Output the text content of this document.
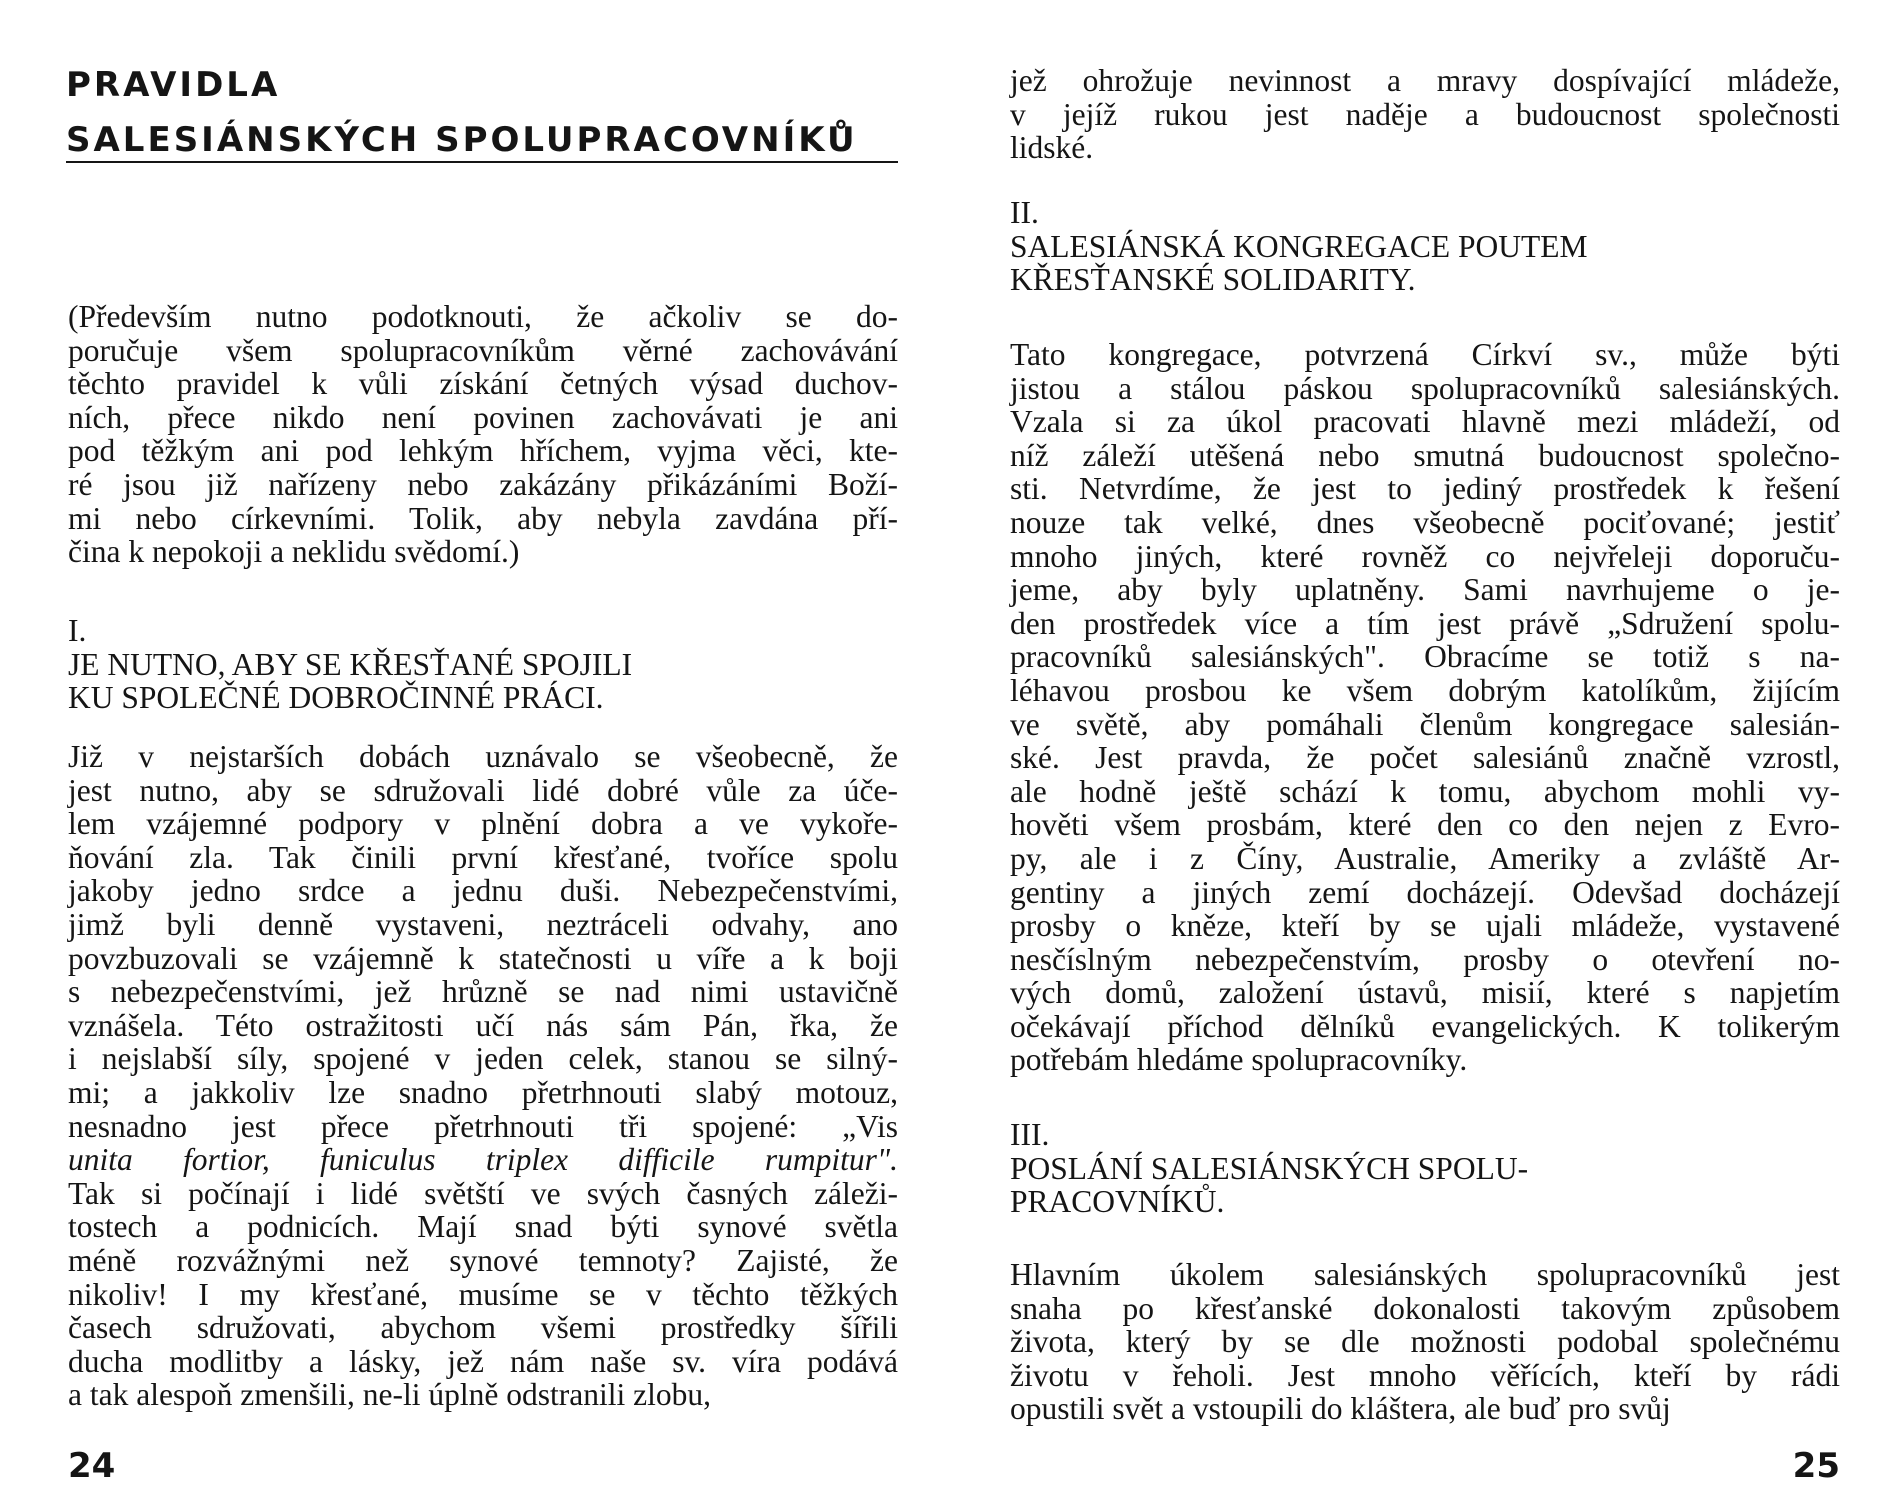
PRAVIDLA
SALESIÁNSKÝCH SPOLUPRACOVNÍKŮ

(Především nutno podotknouti, že ačkoliv se do-
poručuje všem spolupracovníkům věrné zachovávání
těchto pravidel k vůli získání četných výsad duchov-
ních, přece nikdo není povinen zachovávati je ani
pod těžkým ani pod lehkým hříchem, vyjma věci, kte-
ré jsou již nařízeny nebo zakázány přikázáními Boží-
mi nebo církevními. Tolik, aby nebyla zavdána pří-
čina k nepokoji a neklidu svědomí.)

I.
JE NUTNO, ABY SE KŘESŤANÉ SPOJILI
KU SPOLEČNÉ DOBROČINNÉ PRÁCI.

Již v nejstarších dobách uznávalo se všeobecně, že
jest nutno, aby se sdružovali lidé dobré vůle za úče-
lem vzájemné podpory v plnění dobra a ve vykoře-
ňování zla. Tak činili první křesťané, tvoříce spolu
jakoby jedno srdce a jednu duši. Nebezpečenstvími,
jimž byli denně vystaveni, neztráceli odvahy, ano
povzbuzovali se vzájemně k statečnosti u víře a k boji
s nebezpečenstvími, jež hrůzně se nad nimi ustavičně
vznášela. Této ostražitosti učí nás sám Pán, řka, že
i nejslabší síly, spojené v jeden celek, stanou se silný-
mi; a jakkoliv lze snadno přetrhnouti slabý motouz,
nesnadno jest přece přetrhnouti tři spojené: „Vis
unita fortior, funiculus triplex difficile rumpitur".
Tak si počínají i lidé světští ve svých časných záleži-
tostech a podnicích. Mají snad býti synové světla
méně rozvážnými než synové temnoty? Zajisté, že
nikoliv! I my křesťané, musíme se v těchto těžkých
časech sdružovati, abychom všemi prostředky šířili
ducha modlitby a lásky, jež nám naše sv. víra podává
a tak alespoň zmenšili, ne-li úplně odstranili zlobu,

24

jež ohrožuje nevinnost a mravy dospívající mládeže,
v jejíž rukou jest naděje a budoucnost společnosti
lidské.

II.
SALESIÁNSKÁ KONGREGACE POUTEM
KŘESŤANSKÉ SOLIDARITY.

Tato kongregace, potvrzená Církví sv., může býti
jistou a stálou páskou spolupracovníků salesiánských.
Vzala si za úkol pracovati hlavně mezi mládeží, od
níž záleží utěšená nebo smutná budoucnost společno-
sti. Netvrdíme, že jest to jediný prostředek k řešení
nouze tak velké, dnes všeobecně pociťované; jestiť
mnoho jiných, které rovněž co nejvřeleji doporuču-
jeme, aby byly uplatněny. Sami navrhujeme o je-
den prostředek více a tím jest právě „Sdružení spolu-
pracovníků salesiánských". Obracíme se totiž s na-
léhavou prosbou ke všem dobrým katolíkům, žijícím
ve světě, aby pomáhali členům kongregace salesián-
ské. Jest pravda, že počet salesiánů značně vzrostl,
ale hodně ještě schází k tomu, abychom mohli vy-
hověti všem prosbám, které den co den nejen z Evro-
py, ale i z Číny, Australie, Ameriky a zvláště Ar-
gentiny a jiných zemí docházejí. Odevšad docházejí
prosby o kněze, kteří by se ujali mládeže, vystavené
nesčíslným nebezpečenstvím, prosby o otevření no-
vých domů, založení ústavů, misií, které s napjetím
očekávají příchod dělníků evangelických. K tolikerým
potřebám hledáme spolupracovníky.

III.
POSLÁNÍ SALESIÁNSKÝCH SPOLU-
PRACOVNÍKŮ.

Hlavním úkolem salesiánských spolupracovníků jest
snaha po křesťanské dokonalosti takovým způsobem
života, který by se dle možnosti podobal společnému
životu v řeholi. Jest mnoho věřících, kteří by rádi
opustili svět a vstoupili do kláštera, ale buď pro svůj

25
